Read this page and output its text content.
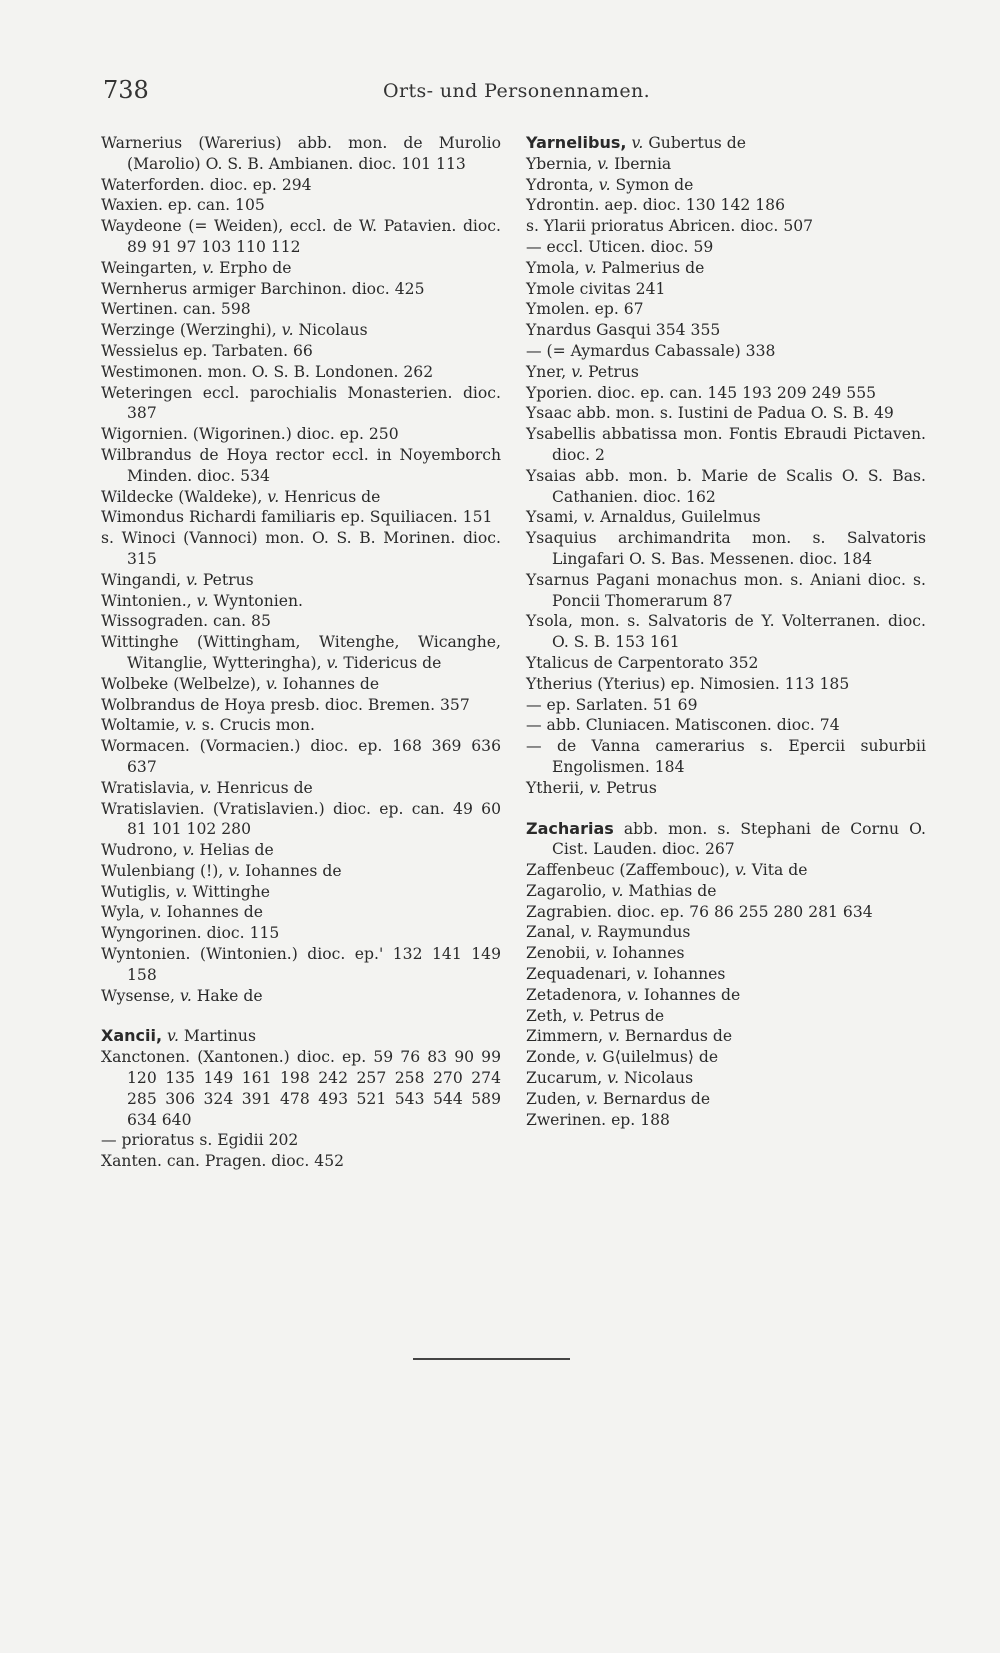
738	Orts- und Personennamen.
Warnerius (Warerius) abb. mon. de Murolio (Marolio) O. S. B. Ambianen. dioc. 101 113
Waterforden. dioc. ep. 294
Waxien. ep. can. 105
Waydeone (= Weiden), eccl. de W. Patavien. dioc. 89 91 97 103 110 112
Weingarten, v. Erpho de
Wernherus armiger Barchinon. dioc. 425
Wertinen. can. 598
Werzinge (Werzinghi), v. Nicolaus
Wessielus ep. Tarbaten. 66
Westimonen. mon. O. S. B. Londonen. 262
Weteringen eccl. parochialis Monasterien. dioc. 387
Wigornien. (Wigorinen.) dioc. ep. 250
Wilbrandus de Hoya rector eccl. in Noyemborch Minden. dioc. 534
Wildecke (Waldeke), v. Henricus de
Wimondus Richardi familiaris ep. Squiliacen. 151
s. Winoci (Vannoci) mon. O. S. B. Morinen. dioc. 315
Wingandi, v. Petrus
Wintonien., v. Wyntonien.
Wissograden. can. 85
Wittinghe (Wittingham, Witenghe, Wicanghe, Witanglie, Wytteringha), v. Tidericus de
Wolbeke (Welbelze), v. Iohannes de
Wolbrandus de Hoya presb. dioc. Bremen. 357
Woltamie, v. s. Crucis mon.
Wormacen. (Vormacien.) dioc. ep. 168 369 636 637
Wratislavia, v. Henricus de
Wratislavien. (Vratislavien.) dioc. ep. can. 49 60 81 101 102 280
Wudrono, v. Helias de
Wulenbiang (!), v. Iohannes de
Wutiglis, v. Wittinghe
Wyla, v. Iohannes de
Wyngorinen. dioc. 115
Wyntonien. (Wintonien.) dioc. ep.' 132 141 149 158
Wysense, v. Hake de
Xancii, v. Martinus
Xanctonen. (Xantonen.) dioc. ep. 59 76 83 90 99 120 135 149 161 198 242 257 258 270 274 285 306 324 391 478 493 521 543 544 589 634 640
— prioratus s. Egidii 202
Xanten. can. Pragen. dioc. 452
Yarnelibus, v. Gubertus de
Ybernia, v. Ibernia
Ydronta, v. Symon de
Ydrontin. aep. dioc. 130 142 186
s. Ylarii prioratus Abricen. dioc. 507
— eccl. Uticen. dioc. 59
Ymola, v. Palmerius de
Ymole civitas 241
Ymolen. ep. 67
Ynardus Gasqui 354 355
— (= Aymardus Cabassale) 338
Yner, v. Petrus
Yporien. dioc. ep. can. 145 193 209 249 555
Ysaac abb. mon. s. Iustini de Padua O. S. B. 49
Ysabellis abbatissa mon. Fontis Ebraudi Pictaven. dioc. 2
Ysaias abb. mon. b. Marie de Scalis O. S. Bas. Cathanien. dioc. 162
Ysami, v. Arnaldus, Guilelmus
Ysaquius archimandrita mon. s. Salvatoris Lingafari O. S. Bas. Messenen. dioc. 184
Ysarnus Pagani monachus mon. s. Aniani dioc. s. Poncii Thomerarum 87
Ysola, mon. s. Salvatoris de Y. Volterranen. dioc. O. S. B. 153 161
Ytalicus de Carpentorato 352
Ytherius (Yterius) ep. Nimosien. 113 185
— ep. Sarlaten. 51 69
— abb. Cluniacen. Matisconen. dioc. 74
— de Vanna camerarius s. Epercii suburbii Engolismen. 184
Ytherii, v. Petrus
Zacharias abb. mon. s. Stephani de Cornu O. Cist. Lauden. dioc. 267
Zaffenbeuc (Zaffembouc), v. Vita de
Zagarolio, v. Mathias de
Zagrabien. dioc. ep. 76 86 255 280 281 634
Zanal, v. Raymundus
Zenobii, v. Iohannes
Zequadenari, v. Iohannes
Zetadenora, v. Iohannes de
Zeth, v. Petrus de
Zimmern, v. Bernardus de
Zonde, v. G⟨uilelmus⟩ de
Zucarum, v. Nicolaus
Zuden, v. Bernardus de
Zwerinen. ep. 188
